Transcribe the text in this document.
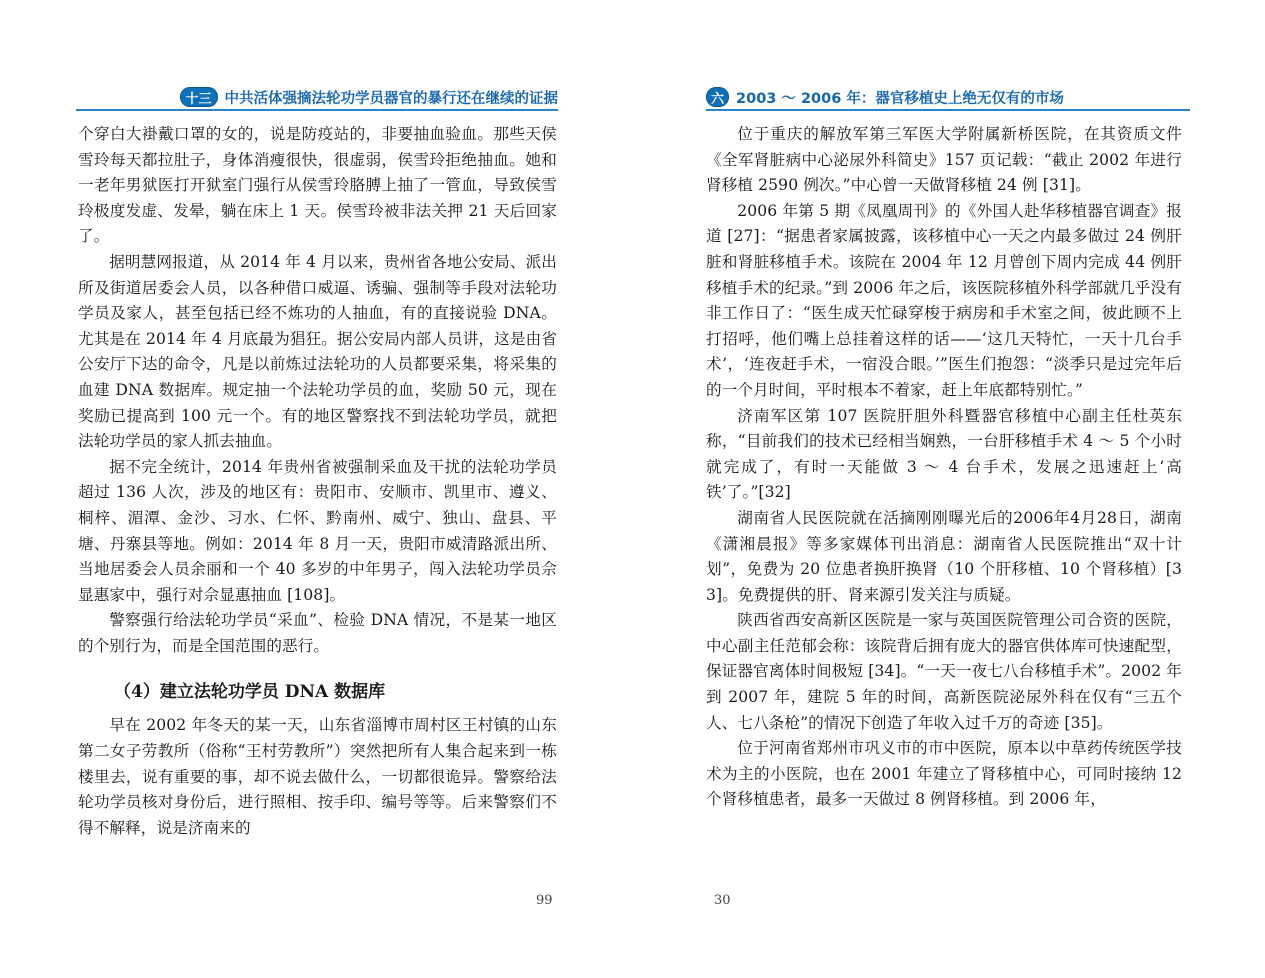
十三 中共活体强摘法轮功学员器官的暴行还在继续的证据

个穿白大褂戴口罩的女的，说是防疫站的，非要抽血验血。那些天侯雪玲每天都拉肚子，身体消瘦很快，很虚弱，侯雪玲拒绝抽血。她和一老年男狱医打开狱室门强行从侯雪玲胳膊上抽了一管血，导致侯雪玲极度发虚、发晕，躺在床上 1 天。侯雪玲被非法关押 21 天后回家了。

据明慧网报道，从 2014 年 4 月以来，贵州省各地公安局、派出所及街道居委会人员，以各种借口威逼、诱骗、强制等手段对法轮功学员及家人，甚至包括已经不炼功的人抽血，有的直接说验 DNA。尤其是在 2014 年 4 月底最为猖狂。据公安局内部人员讲，这是由省公安厅下达的命令，凡是以前炼过法轮功的人员都要采集，将采集的血建 DNA 数据库。规定抽一个法轮功学员的血，奖励 50 元，现在奖励已提高到 100 元一个。有的地区警察找不到法轮功学员，就把法轮功学员的家人抓去抽血。

据不完全统计，2014 年贵州省被强制采血及干扰的法轮功学员超过 136 人次，涉及的地区有：贵阳市、安顺市、凯里市、遵义、桐梓、湄潭、金沙、习水、仁怀、黔南州、威宁、独山、盘县、平塘、丹寨县等地。例如：2014 年 8 月一天，贵阳市威清路派出所、当地居委会人员余丽和一个 40 多岁的中年男子，闯入法轮功学员佘显惠家中，强行对佘显惠抽血 [108]。

警察强行给法轮功学员“采血”、检验 DNA 情况，不是某一地区的个别行为，而是全国范围的恶行。

（4）建立法轮功学员 DNA 数据库

早在 2002 年冬天的某一天，山东省淄博市周村区王村镇的山东第二女子劳教所（俗称“王村劳教所”）突然把所有人集合起来到一栋楼里去，说有重要的事，却不说去做什么，一切都很诡异。警察给法轮功学员核对身份后，进行照相、按手印、编号等等。后来警察们不得不解释，说是济南来的

99
六 2003 ～ 2006 年：器官移植史上绝无仅有的市场

位于重庆的解放军第三军医大学附属新桥医院，在其资质文件《全军肾脏病中心泌尿外科简史》157 页记载：“截止 2002 年进行肾移植 2590 例次。”中心曾一天做肾移植 24 例 [31]。

2006 年第 5 期《凤凰周刊》的《外国人赴华移植器官调查》报道 [27]：“据患者家属披露，该移植中心一天之内最多做过 24 例肝脏和肾脏移植手术。该院在 2004 年 12 月曾创下周内完成 44 例肝移植手术的纪录。”到 2006 年之后，该医院移植外科学部就几乎没有非工作日了：“医生成天忙碌穿梭于病房和手术室之间，彼此顾不上打招呼，他们嘴上总挂着这样的话——‘这几天特忙，一天十几台手术’，‘连夜赶手术，一宿没合眼。’”医生们抱怨：“淡季只是过完年后的一个月时间，平时根本不着家，赶上年底都特别忙。”

济南军区第 107 医院肝胆外科暨器官移植中心副主任杜英东称，“目前我们的技术已经相当娴熟，一台肝移植手术 4 ～ 5 个小时就完成了，有时一天能做 3 ～ 4 台手术，发展之迅速赶上‘高铁’了。”[32]

湖南省人民医院就在活摘刚刚曝光后的2006年4月28日，湖南《潇湘晨报》等多家媒体刊出消息：湖南省人民医院推出“双十计划”，免费为 20 位患者换肝换肾（10 个肝移植、10 个肾移植）[33]。免费提供的肝、肾来源引发关注与质疑。

陕西省西安高新区医院是一家与英国医院管理公司合资的医院，中心副主任范郁会称：该院背后拥有庞大的器官供体库可快速配型，保证器官离体时间极短 [34]。“一天一夜七八台移植手术”。2002 年到 2007 年，建院 5 年的时间，高新医院泌尿外科在仅有“三五个人、七八条枪”的情况下创造了年收入过千万的奇迹 [35]。

位于河南省郑州市巩义市的市中医院，原本以中草药传统医学技术为主的小医院，也在 2001 年建立了肾移植中心，可同时接纳 12 个肾移植患者，最多一天做过 8 例肾移植。到 2006 年，

30
